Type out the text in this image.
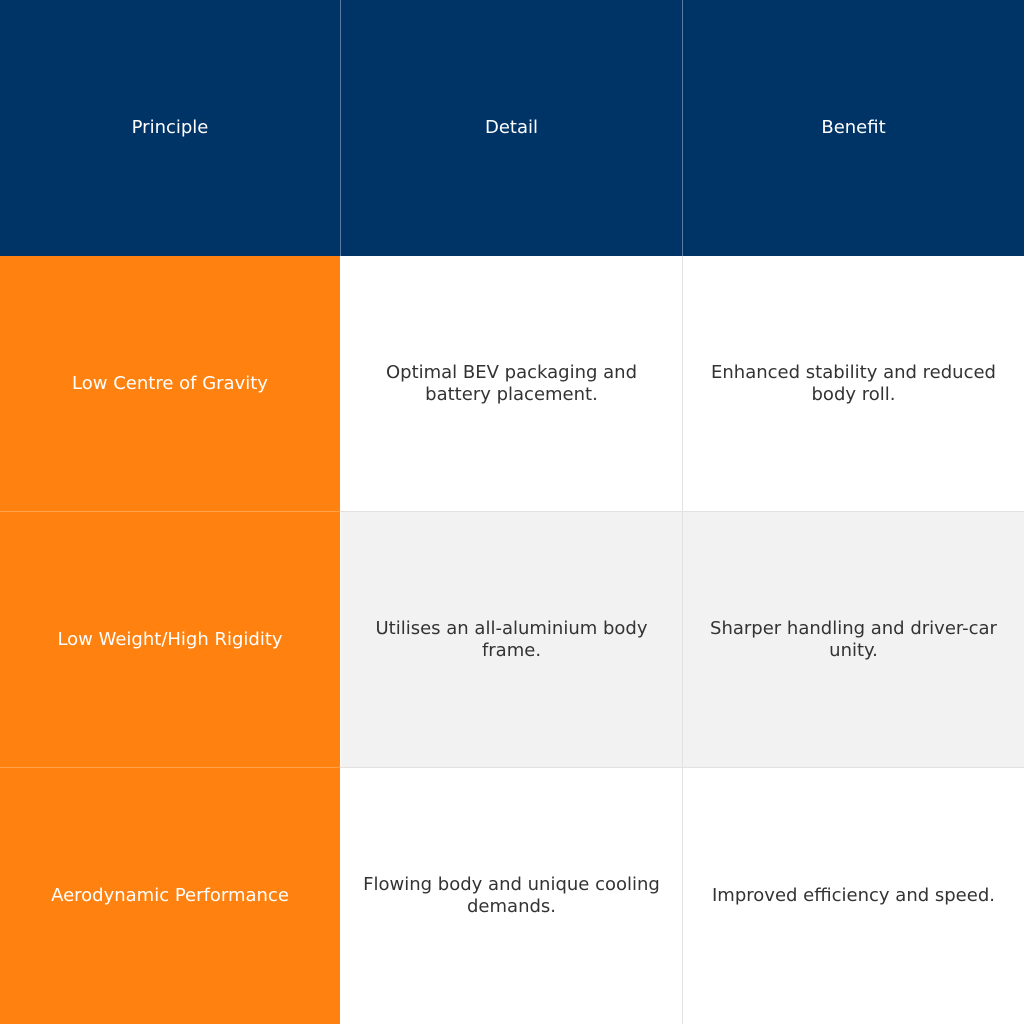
Principle	Detail	Benefit
Low Centre of Gravity
Optimal BEV packaging and battery placement.
Enhanced stability and reduced body roll.
Low Weight/High Rigidity
Utilises an all-aluminium body frame.
Sharper handling and driver-car unity.
Aerodynamic Performance
Flowing body and unique cooling demands.
Improved efficiency and speed.
